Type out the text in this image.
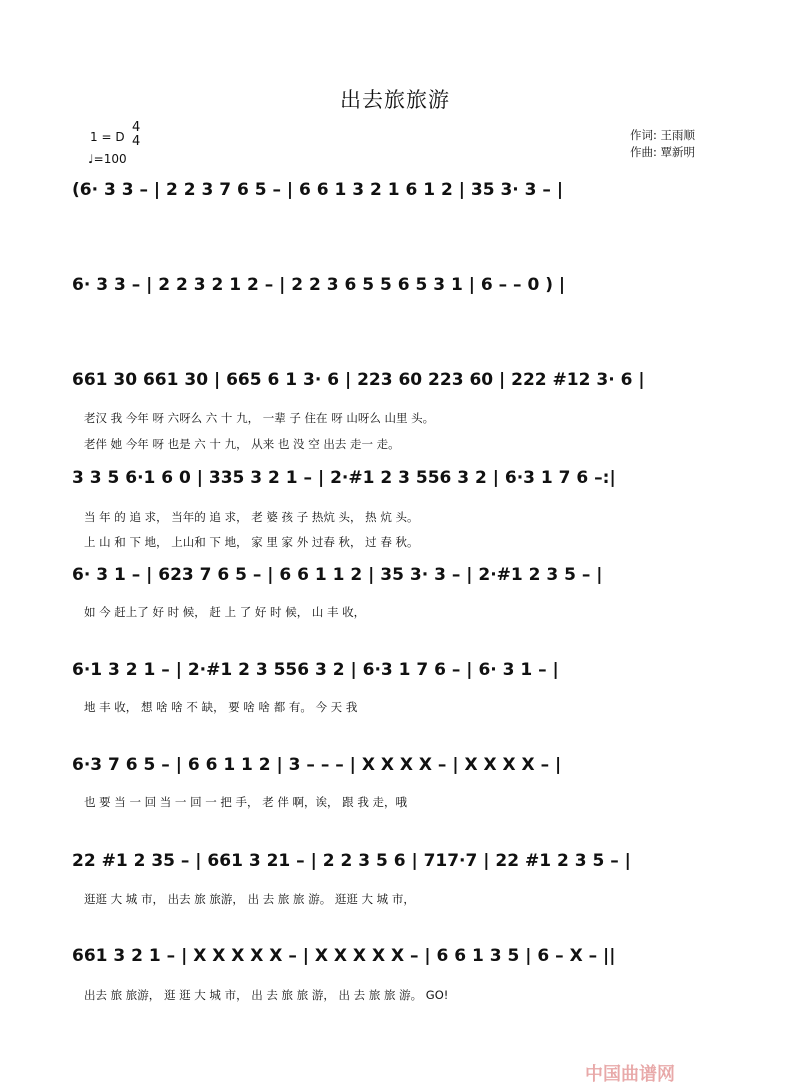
出去旅旅游
1 = D
4
4
♩=100
作词: 王雨顺
作曲: 覃新明
(6· 3 3 – | 2 2 3 7 6 5 – | 6 6 1 3 2 1 6 1 2 | 35 3· 3 – |
6· 3 3 – | 2 2 3 2 1 2 – | 2 2 3 6 5 5 6 5 3 1 | 6 – – 0 ) |
661 30 661 30 | 665 6 1 3· 6 | 223 60 223 60 | 222 #12 3· 6 |
老汉 我 今年 呀 六呀么 六 十 九， 一辈 子 住在 呀 山呀么 山里 头。
老伴 她 今年 呀 也是 六 十 九， 从来 也 没 空 出去 走一 走。
3 3 5 6·1 6 0 | 335 3 2 1 – | 2·#1 2 3 556 3 2 | 6·3 1 7 6 –:|
当 年 的 追 求， 当年的 追 求， 老 婆 孩 子 热炕 头， 热 炕 头。
上 山 和 下 地， 上山和 下 地， 家 里 家 外 过春 秋， 过 春 秋。
6· 3 1 – | 623 7 6 5 – | 6 6 1 1 2 | 35 3· 3 – | 2·#1 2 3 5 – |
如 今 赶上了 好 时 候， 赶 上 了 好 时 候， 山 丰 收，
6·1 3 2 1 – | 2·#1 2 3 556 3 2 | 6·3 1 7 6 – | 6· 3 1 – |
地 丰 收， 想 啥 啥 不 缺， 要 啥 啥 都 有。 今 天 我
6·3 7 6 5 – | 6 6 1 1 2 | 3 – – – | X X X X – | X X X X – |
也 要 当 一 回 当 一 回 一 把 手， 老 伴 啊，诶， 跟 我 走，哦
22 #1 2 35 – | 661 3 21 – | 2 2 3 5 6 | 717·7 | 22 #1 2 3 5 – |
逛逛 大 城 市， 出去 旅 旅游， 出 去 旅 旅 游。 逛逛 大 城 市，
661 3 2 1 – | X X X X X – | X X X X X – | 6 6 1 3 5 | 6 – X – ||
出去 旅 旅游， 逛 逛 大 城 市， 出 去 旅 旅 游， 出 去 旅 旅 游。 GO!
中国曲谱网
